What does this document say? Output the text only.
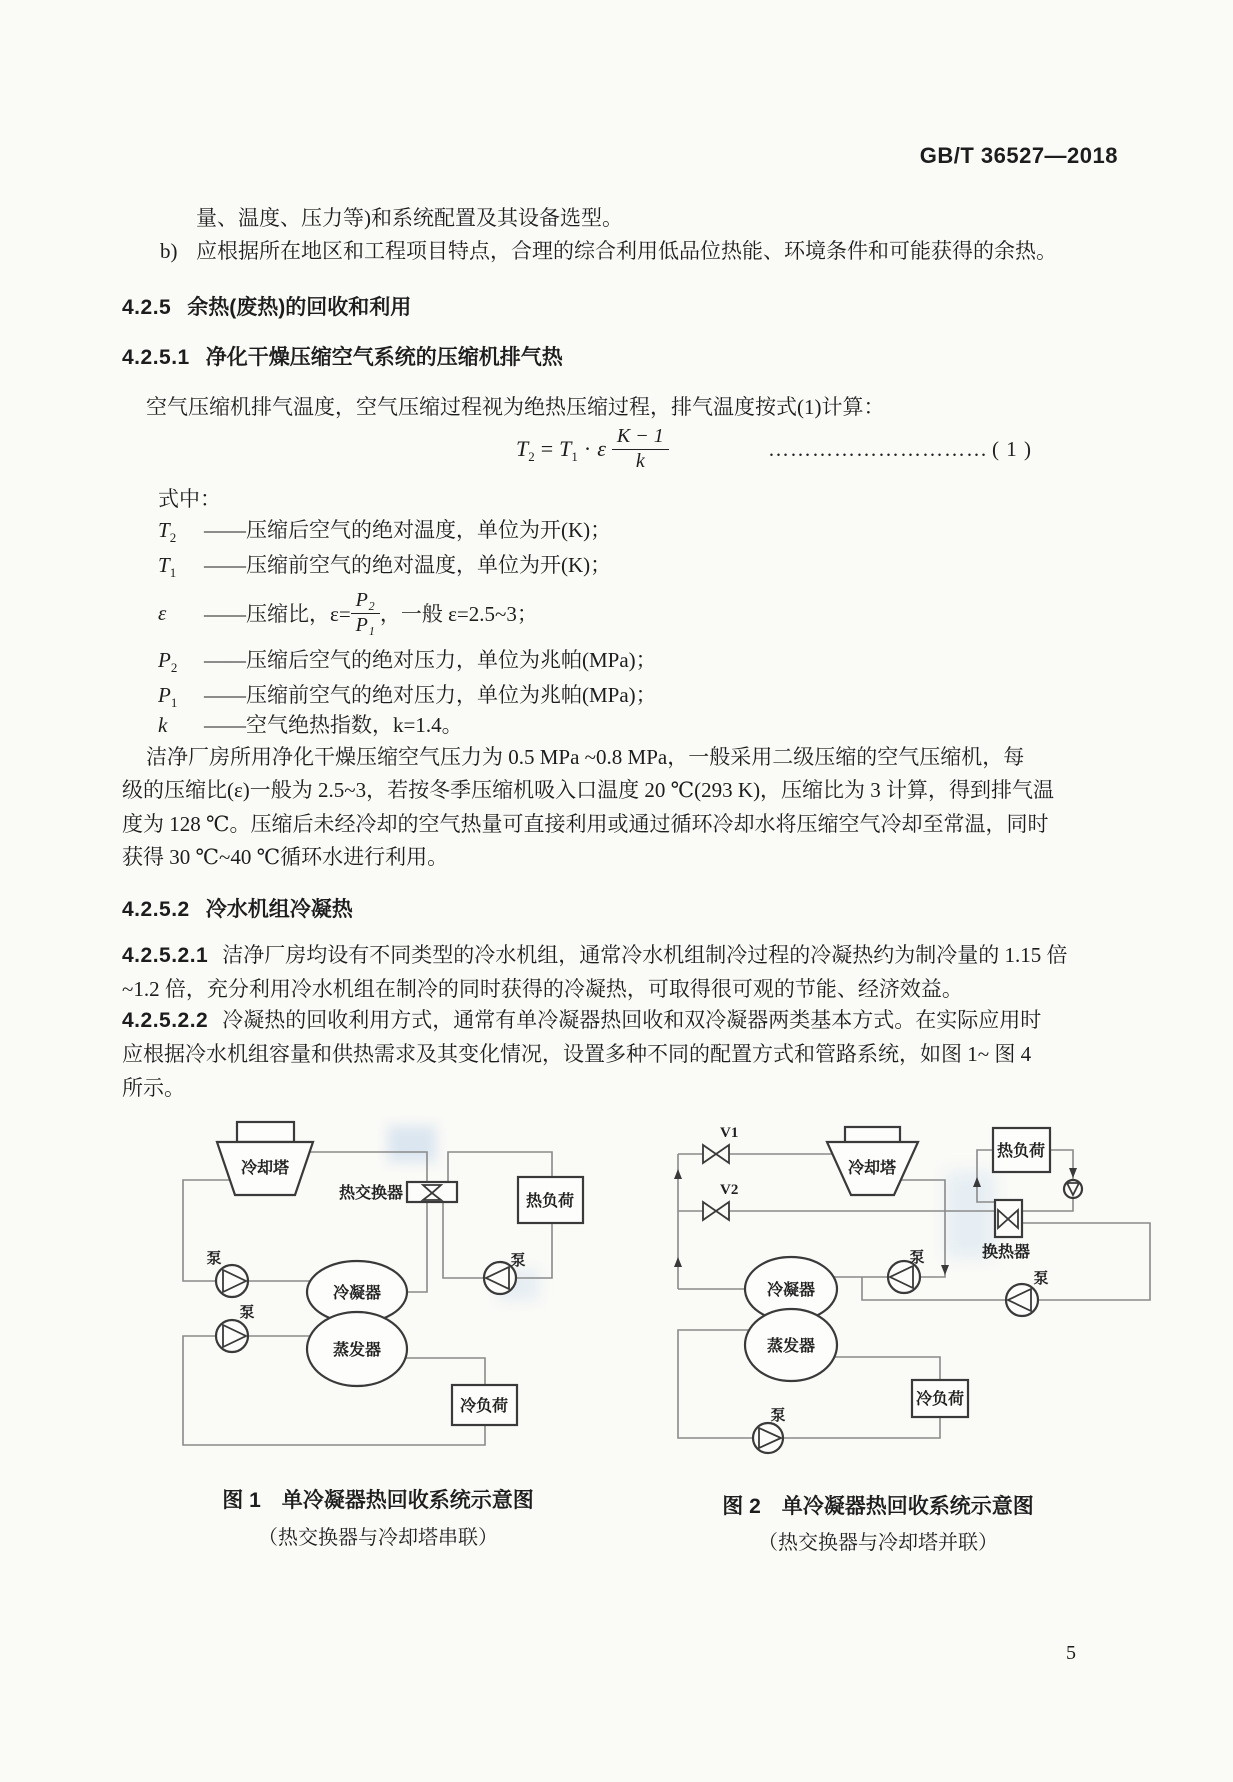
GB/T 36527—2018
量、温度、压力等)和系统配置及其设备选型。
b) 应根据所在地区和工程项目特点，合理的综合利用低品位热能、环境条件和可能获得的余热。
4.2.5 余热(废热)的回收和利用
4.2.5.1 净化干燥压缩空气系统的压缩机排气热
空气压缩机排气温度，空气压缩过程视为绝热压缩过程，排气温度按式(1)计算：
$T_2 = T_1 \cdot \varepsilon \frac{K - 1}{k}$	………………………… ( 1 )
式中：
$T_2$ ——压缩后空气的绝对温度，单位为开(K)；
$T_1$ ——压缩前空气的绝对温度，单位为开(K)；
ε	——压缩比，$\varepsilon= \frac{\text{P₂}}{\text{P₁}}$ ，一般 ε=2.5~3；
$P_2$ ——压缩后空气的绝对压力，单位为兆帕(MPa)；
$P_1$ ——压缩前空气的绝对压力，单位为兆帕(MPa)；
k ——空气绝热指数，k=1.4。
洁净厂房所用净化干燥压缩空气压力为 0.5 MPa ~0.8 MPa，一般采用二级压缩的空气压缩机，每
级的压缩比(ε)一般为 2.5~3，若按冬季压缩机吸入口温度 20 ℃(293 K)，压缩比为 3 计算，得到排气温
度为 128 ℃。压缩后未经冷却的空气热量可直接利用或通过循环冷却水将压缩空气冷却至常温，同时
获得 30 ℃~40 ℃循环水进行利用。
4.2.5.2 冷水机组冷凝热
4.2.5.2.1 洁净厂房均设有不同类型的冷水机组，通常冷水机组制冷过程的冷凝热约为制冷量的 1.15 倍
~1.2 倍，充分利用冷水机组在制冷的同时获得的冷凝热，可取得很可观的节能、经济效益。
4.2.5.2.2 冷凝热的回收利用方式，通常有单冷凝器热回收和双冷凝器两类基本方式。在实际应用时
应根据冷水机组容量和供热需求及其变化情况，设置多种不同的配置方式和管路系统，如图 1~ 图 4
所示。
冷却塔
热交换器	热负荷
冷凝器
蒸发器
冷负荷
泵
泵
泵
V1
V2
冷却塔
热负荷
换热器
冷凝器
蒸发器
冷负荷
泵
泵
泵
图 1　单冷凝器热回收系统示意图
（热交换器与冷却塔串联）
图 2　单冷凝器热回收系统示意图
（热交换器与冷却塔并联）
5
